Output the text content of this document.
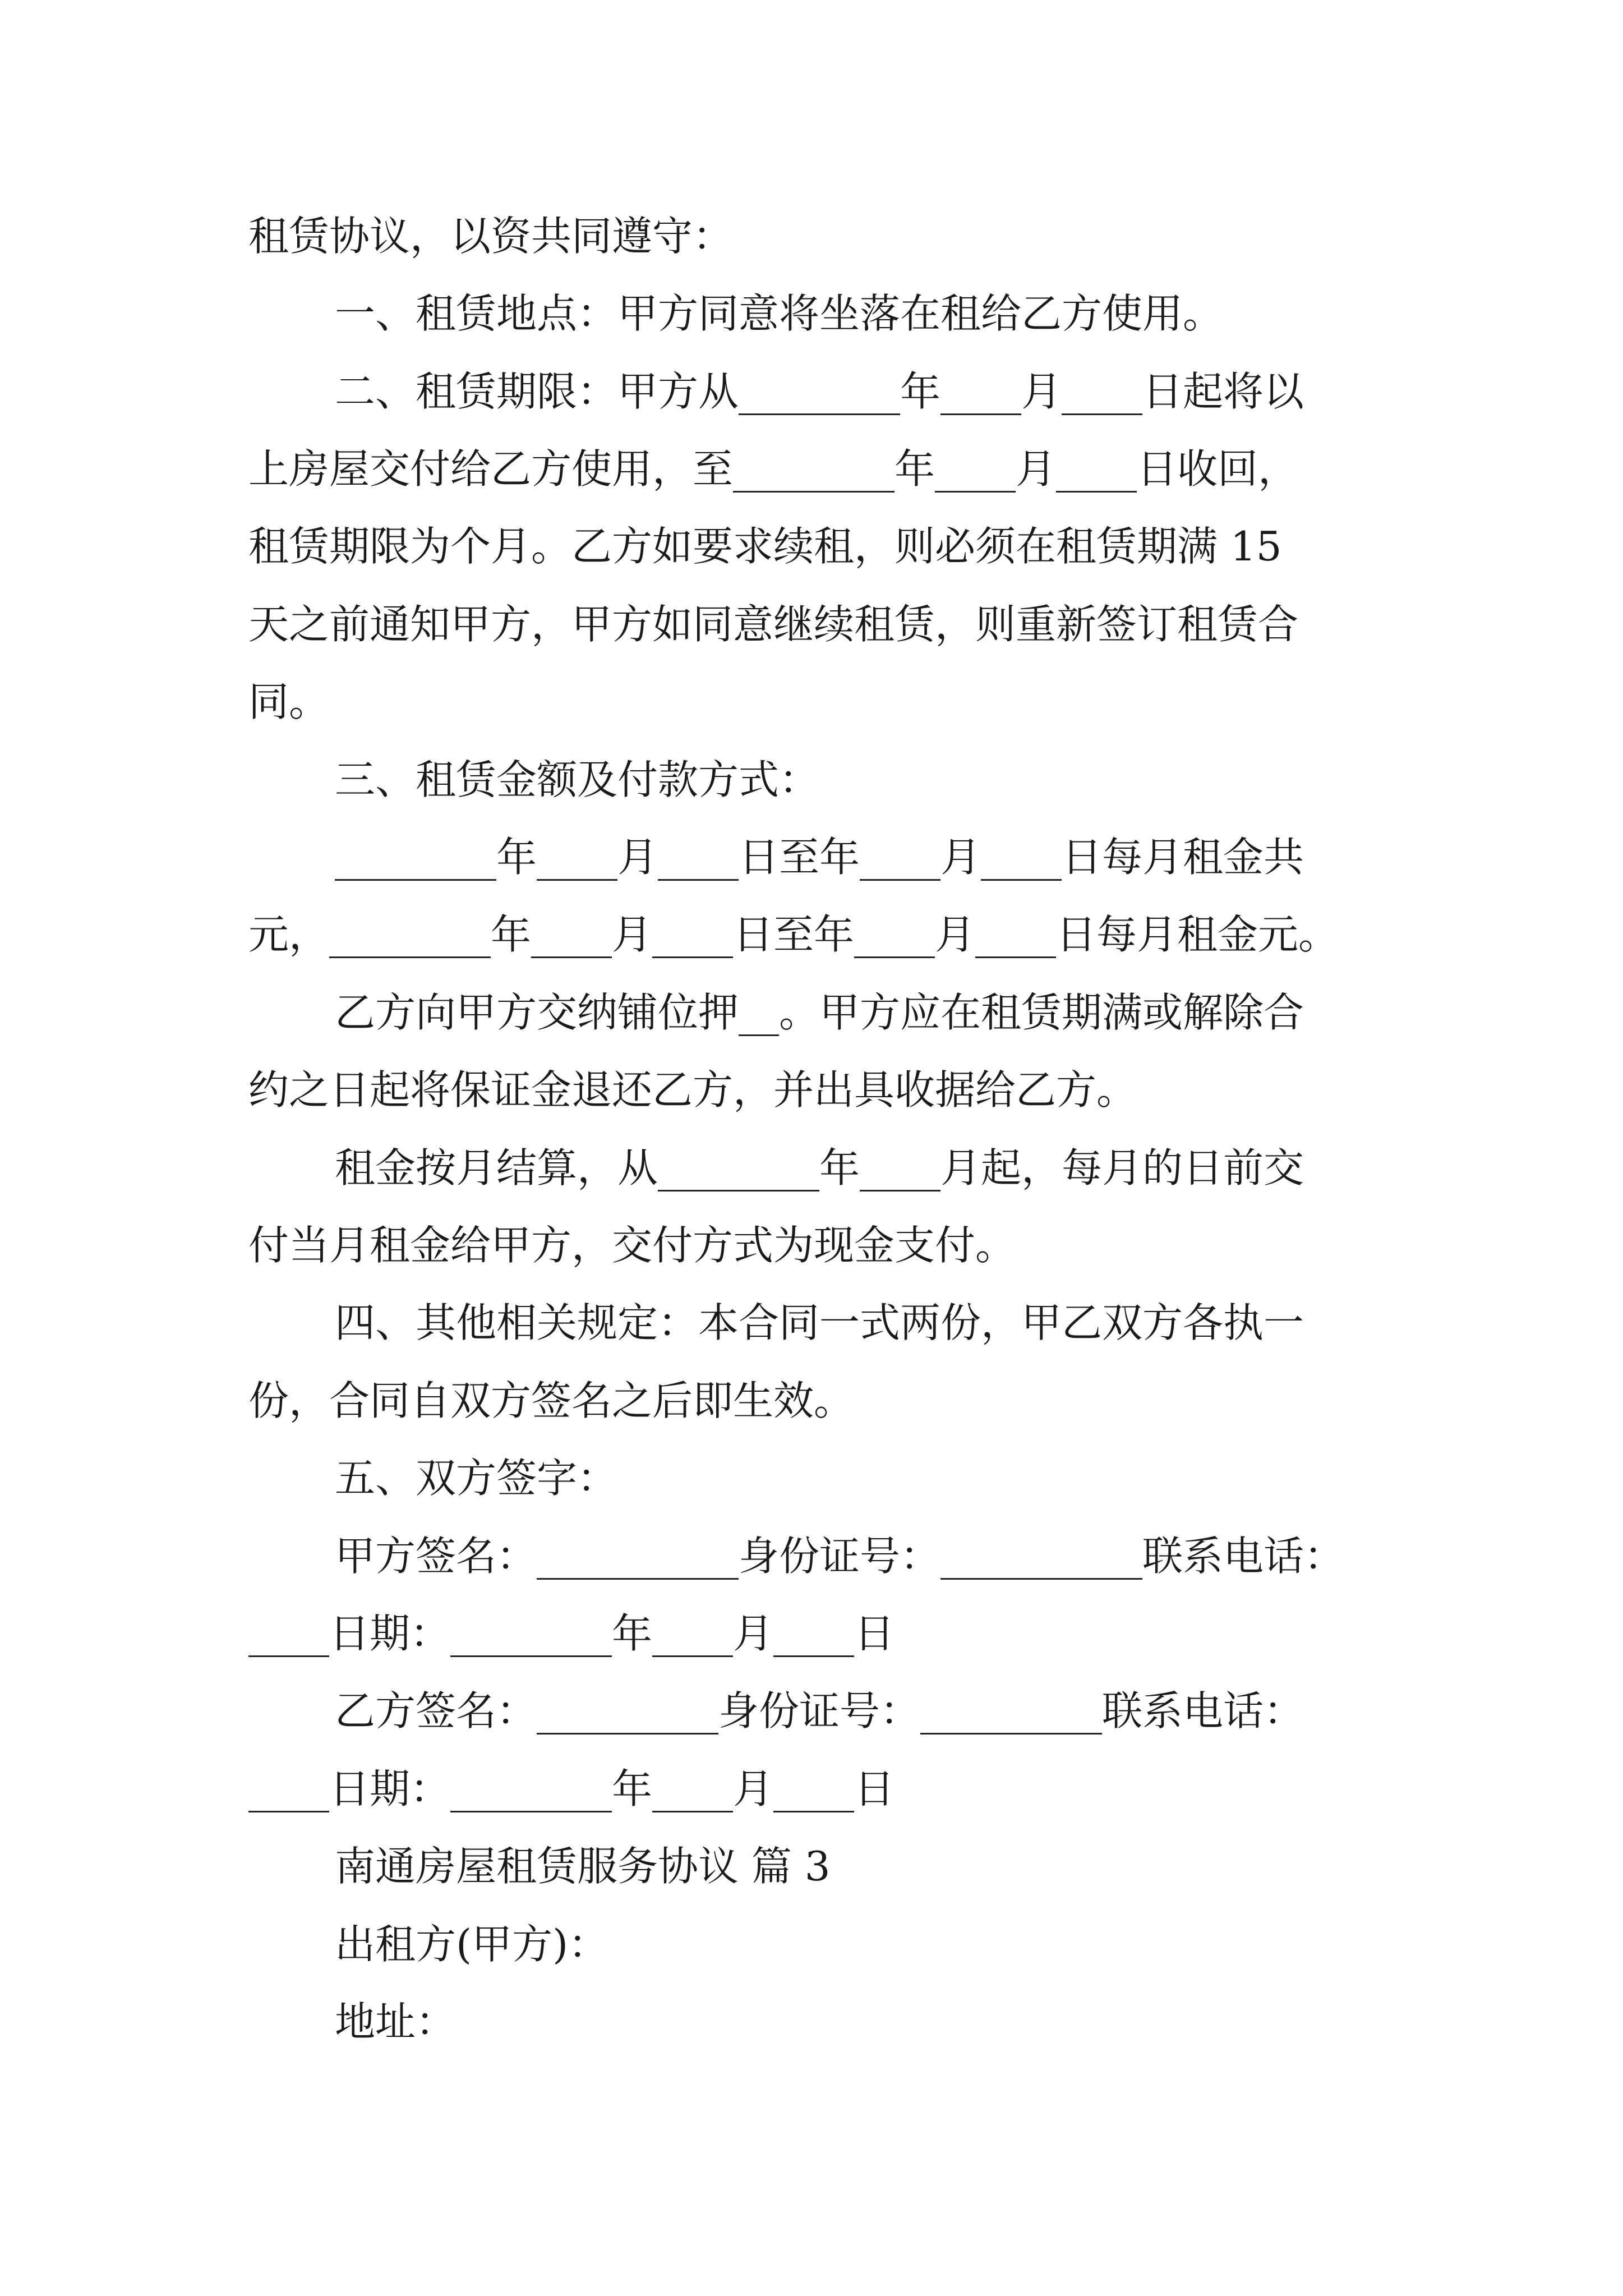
租赁协议，以资共同遵守：
一、租赁地点：甲方同意将坐落在租给乙方使用。
二、租赁期限：甲方从________年____月____日起将以
上房屋交付给乙方使用，至________年____月____日收回，
租赁期限为个月。乙方如要求续租，则必须在租赁期满 15
天之前通知甲方，甲方如同意继续租赁，则重新签订租赁合
同。
三、租赁金额及付款方式：
________年____月____日至年____月____日每月租金共
元，________年____月____日至年____月____日每月租金元。
乙方向甲方交纳铺位押__。甲方应在租赁期满或解除合
约之日起将保证金退还乙方，并出具收据给乙方。
租金按月结算，从________年____月起，每月的日前交
付当月租金给甲方，交付方式为现金支付。
四、其他相关规定：本合同一式两份，甲乙双方各执一
份，合同自双方签名之后即生效。
五、双方签字：
甲方签名：__________身份证号：__________联系电话：
____日期：________年____月____日
乙方签名：_________身份证号：_________联系电话：
____日期：________年____月____日
南通房屋租赁服务协议 篇 3
出租方(甲方)：
地址：
